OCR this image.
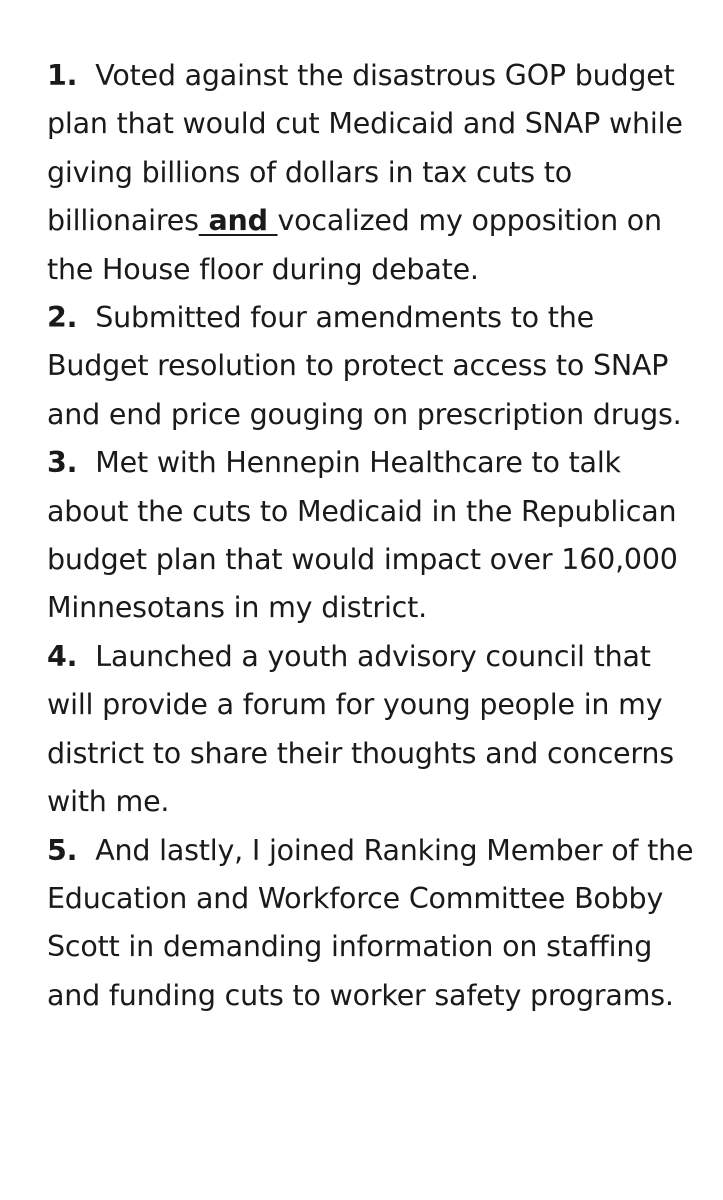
1. Voted against the disastrous GOP budget plan that would cut Medicaid and SNAP while giving billions of dollars in tax cuts to billionaires and vocalized my opposition on the House floor during debate.

2. Submitted four amendments to the Budget resolution to protect access to SNAP and end price gouging on prescription drugs.

3. Met with Hennepin Healthcare to talk about the cuts to Medicaid in the Republican budget plan that would impact over 160,000 Minnesotans in my district.

4. Launched a youth advisory council that will provide a forum for young people in my district to share their thoughts and concerns with me.

5. And lastly, I joined Ranking Member of the Education and Workforce Committee Bobby Scott in demanding information on staffing and funding cuts to worker safety programs.
